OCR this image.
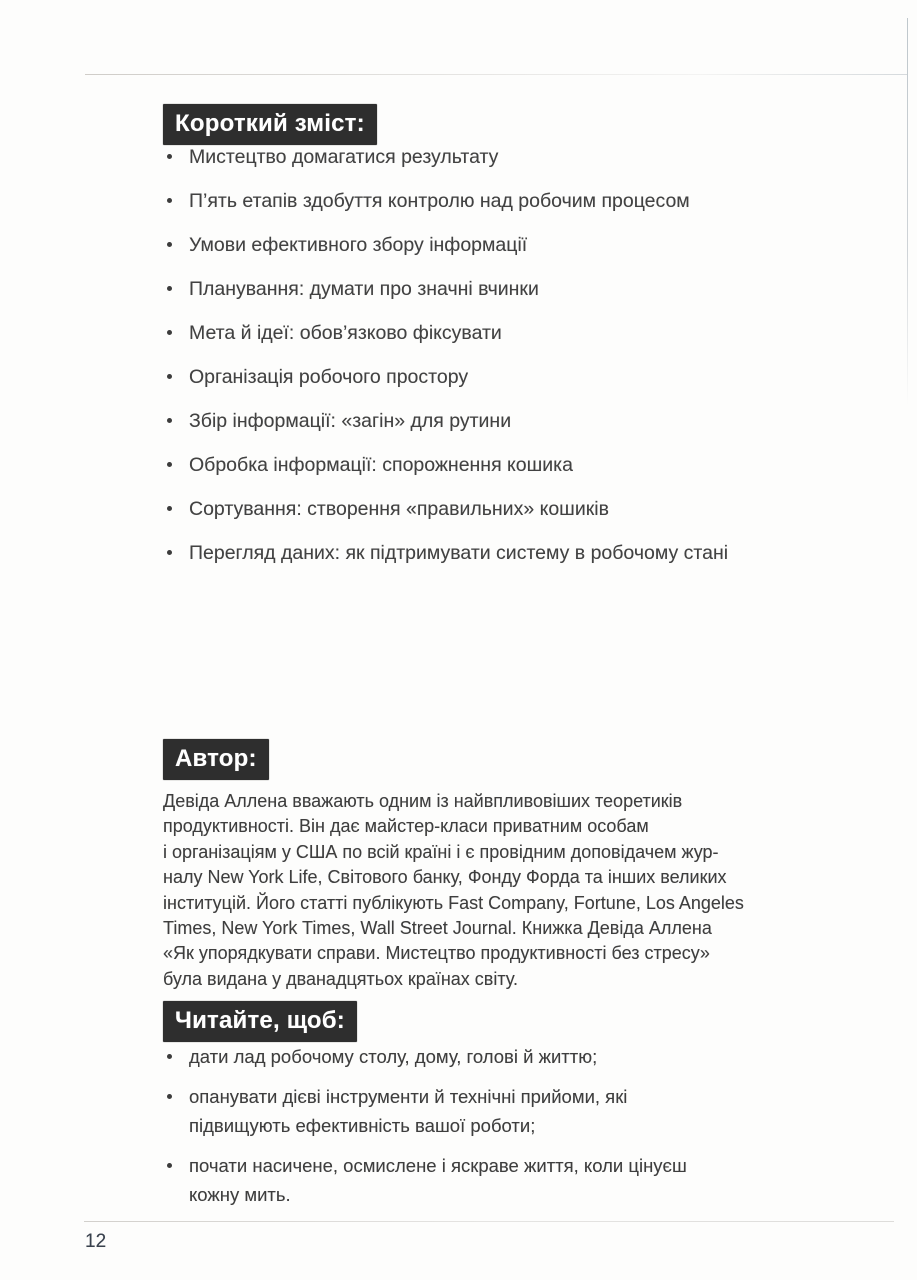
Короткий зміст:
Мистецтво домагатися результату
П’ять етапів здобуття контролю над робочим процесом
Умови ефективного збору інформації
Планування: думати про значні вчинки
Мета й ідеї: обов’язково фіксувати
Організація робочого простору
Збір інформації: «загін» для рутини
Обробка інформації: спорожнення кошика
Сортування: створення «правильних» кошиків
Перегляд даних: як підтримувати систему в робочому стані
Автор:
Девіда Аллена вважають одним із найвпливовіших теоретиків
продуктивності. Він дає майстер-класи приватним особам
і організаціям у США по всій країні і є провідним доповідачем жур-
налу New York Life, Світового банку, Фонду Форда та інших великих
інституцій. Його статті публікують Fast Company, Fortune, Los Angeles
Times, New York Times, Wall Street Journal. Книжка Девіда Аллена
«Як упорядкувати справи. Мистецтво продуктивності без стресу»
була видана у дванадцятьох країнах світу.
Читайте, щоб:
дати лад робочому столу, дому, голові й життю;
опанувати дієві інструменти й технічні прийоми, які підвищують ефективність вашої роботи;
почати насичене, осмислене і яскраве життя, коли цінуєш кожну мить.
12
